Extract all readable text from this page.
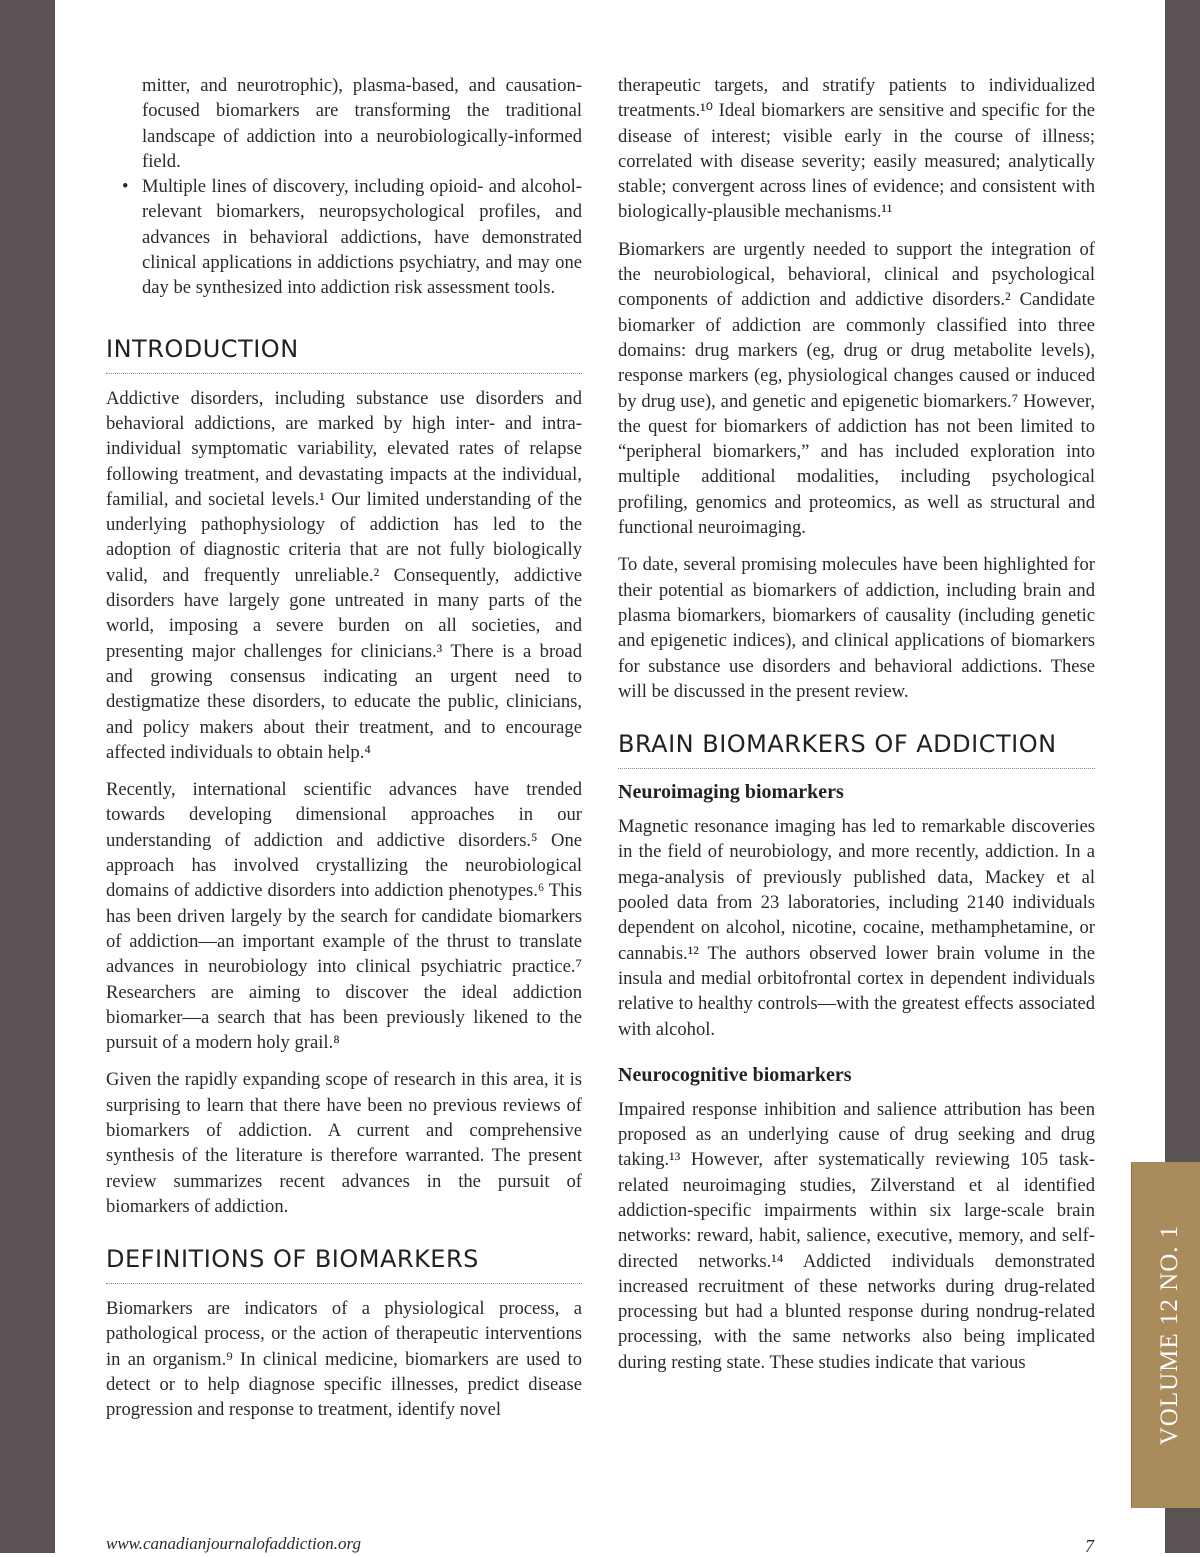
VOLUME 12 NO. 1
mitter, and neurotrophic), plasma-based, and causation-focused biomarkers are transforming the traditional landscape of addiction into a neurobiologically-informed field.
• Multiple lines of discovery, including opioid- and alcohol-relevant biomarkers, neuropsychological profiles, and advances in behavioral addictions, have demonstrated clinical applications in addictions psychiatry, and may one day be synthesized into addiction risk assessment tools.
INTRODUCTION

Addictive disorders, including substance use disorders and behavioral addictions, are marked by high inter- and intra-individual symptomatic variability, elevated rates of relapse following treatment, and devastating impacts at the individual, familial, and societal levels.¹ Our limited understanding of the underlying pathophysiology of addiction has led to the adoption of diagnostic criteria that are not fully biologically valid, and frequently unreliable.² Consequently, addictive disorders have largely gone untreated in many parts of the world, imposing a severe burden on all societies, and presenting major challenges for clinicians.³ There is a broad and growing consensus indicating an urgent need to destigmatize these disorders, to educate the public, clinicians, and policy makers about their treatment, and to encourage affected individuals to obtain help.⁴

Recently, international scientific advances have trended towards developing dimensional approaches in our understanding of addiction and addictive disorders.⁵ One approach has involved crystallizing the neurobiological domains of addictive disorders into addiction phenotypes.⁶ This has been driven largely by the search for candidate biomarkers of addiction—an important example of the thrust to translate advances in neurobiology into clinical psychiatric practice.⁷ Researchers are aiming to discover the ideal addiction biomarker—a search that has been previously likened to the pursuit of a modern holy grail.⁸

Given the rapidly expanding scope of research in this area, it is surprising to learn that there have been no previous reviews of biomarkers of addiction. A current and comprehensive synthesis of the literature is therefore warranted. The present review summarizes recent advances in the pursuit of biomarkers of addiction.

DEFINITIONS OF BIOMARKERS

Biomarkers are indicators of a physiological process, a pathological process, or the action of therapeutic interventions in an organism.⁹ In clinical medicine, biomarkers are used to detect or to help diagnose specific illnesses, predict disease progression and response to treatment, identify novel

therapeutic targets, and stratify patients to individualized treatments.¹⁰ Ideal biomarkers are sensitive and specific for the disease of interest; visible early in the course of illness; correlated with disease severity; easily measured; analytically stable; convergent across lines of evidence; and consistent with biologically-plausible mechanisms.¹¹

Biomarkers are urgently needed to support the integration of the neurobiological, behavioral, clinical and psychological components of addiction and addictive disorders.² Candidate biomarker of addiction are commonly classified into three domains: drug markers (eg, drug or drug metabolite levels), response markers (eg, physiological changes caused or induced by drug use), and genetic and epigenetic biomarkers.⁷ However, the quest for biomarkers of addiction has not been limited to “peripheral biomarkers,” and has included exploration into multiple additional modalities, including psychological profiling, genomics and proteomics, as well as structural and functional neuroimaging.

To date, several promising molecules have been highlighted for their potential as biomarkers of addiction, including brain and plasma biomarkers, biomarkers of causality (including genetic and epigenetic indices), and clinical applications of biomarkers for substance use disorders and behavioral addictions. These will be discussed in the present review.

BRAIN BIOMARKERS OF ADDICTION
Neuroimaging biomarkers

Magnetic resonance imaging has led to remarkable discoveries in the field of neurobiology, and more recently, addiction. In a mega-analysis of previously published data, Mackey et al pooled data from 23 laboratories, including 2140 individuals dependent on alcohol, nicotine, cocaine, methamphetamine, or cannabis.¹² The authors observed lower brain volume in the insula and medial orbitofrontal cortex in dependent individuals relative to healthy controls—with the greatest effects associated with alcohol.

Neurocognitive biomarkers

Impaired response inhibition and salience attribution has been proposed as an underlying cause of drug seeking and drug taking.¹³ However, after systematically reviewing 105 task-related neuroimaging studies, Zilverstand et al identified addiction-specific impairments within six large-scale brain networks: reward, habit, salience, executive, memory, and self-directed networks.¹⁴ Addicted individuals demonstrated increased recruitment of these networks during drug-related processing but had a blunted response during nondrug-related processing, with the same networks also being implicated during resting state. These studies indicate that various

www.canadianjournalofaddiction.org	7
